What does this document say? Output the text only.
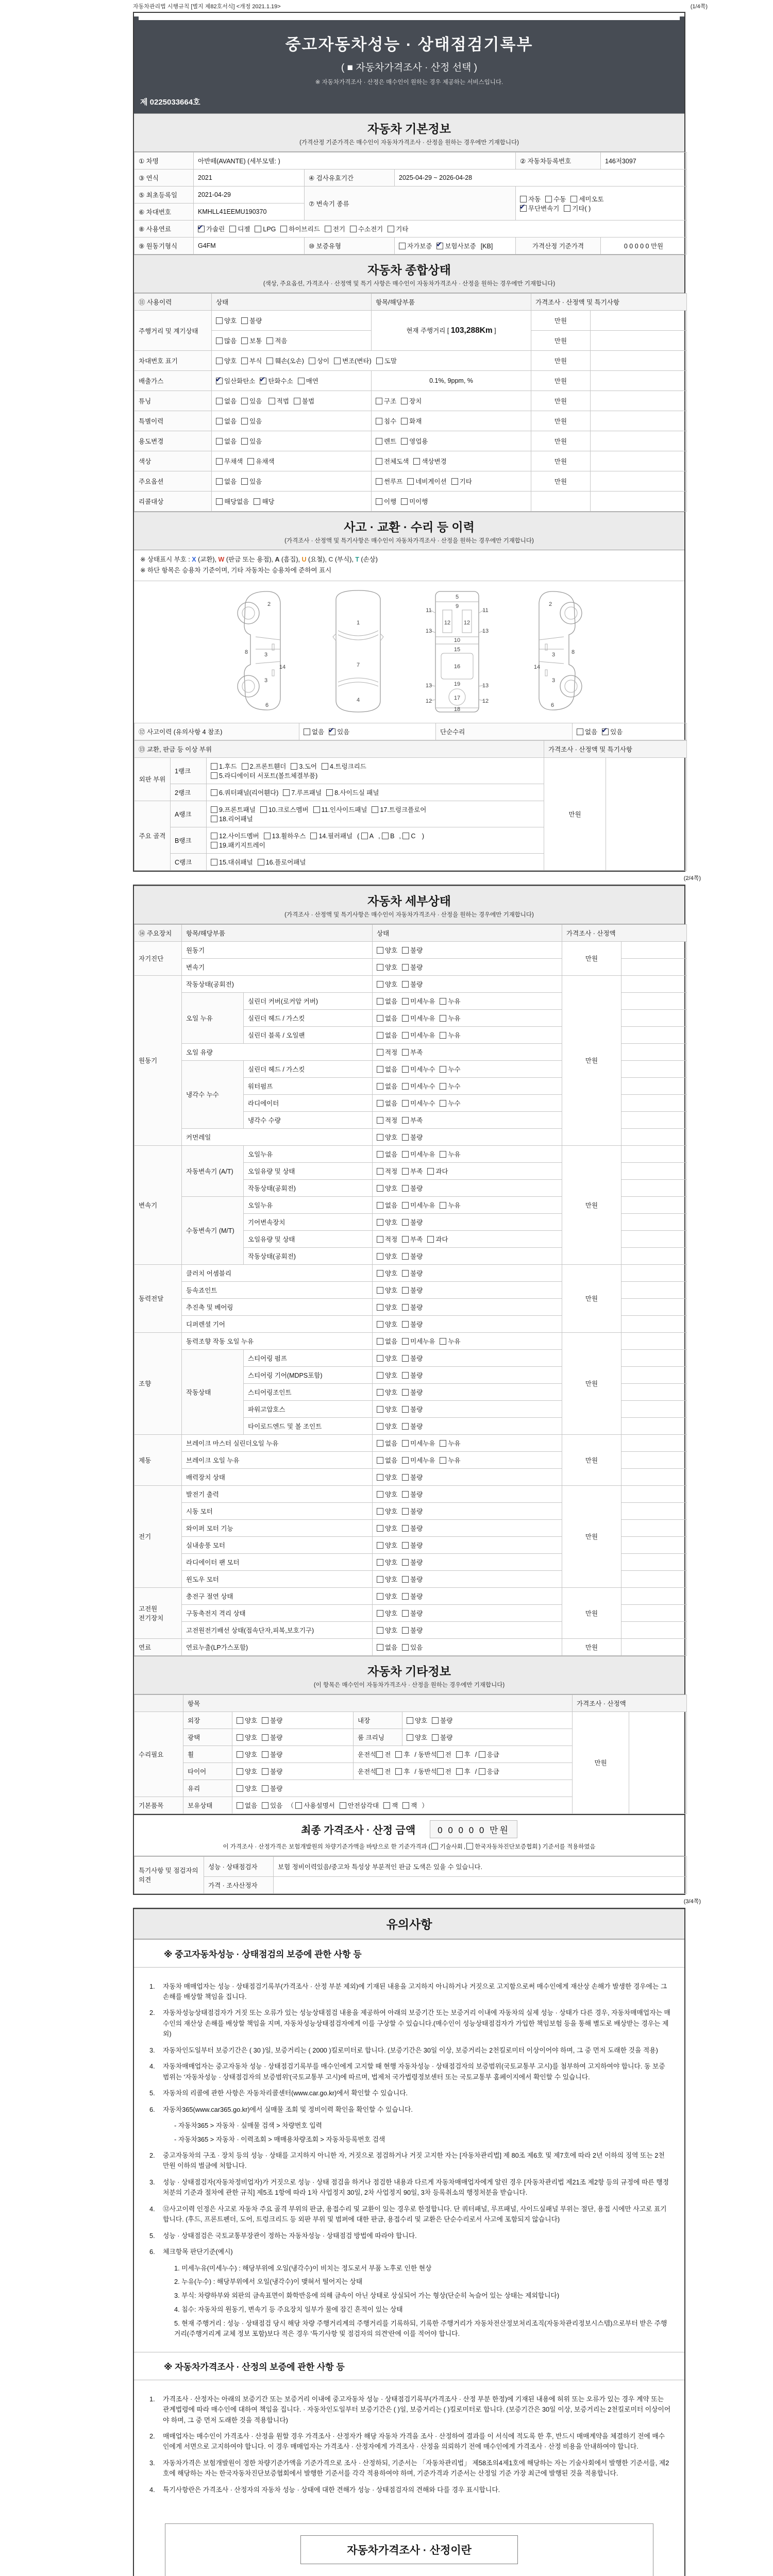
자동차관리법 시행규칙 [별지 제82호서식] <개정 2021.1.19>	(1/4쪽)
중고자동차성능 · 상태점검기록부
( ■ 자동차가격조사 · 산정 선택 )
※ 자동차가격조사 · 산정은 매수인이 원하는 경우 제공하는 서비스입니다.
제 0225033664호
자동차 기본정보
(가격산정 기준가격은 매수인이 자동차가격조사 · 산정을 원하는 경우에만 기재합니다)
① 차명	아반떼(AVANTE) (세부모델: )			② 자동차등록번호	146저3097
③ 연식	2021	④ 검사유효기간	2025-04-29 ~ 2026-04-28		
⑤ 최초등록일	2021-04-29	⑦ 변속기 종류		자동 수동 세미오토
✔무단변속기 기타( )
⑥ 차대번호	KMHLL41EEMU190370				
⑧ 사용연료	✔가솔린 디젤 LPG 하이브리드 전기 수소전기 기타
⑨ 원동기형식	G4FM	⑩ 보증유형	자가보증 ✔ 보험사보증 [KB]	가격산정 기준가격	0 0 0 0 0 만원
자동차 종합상태
(색상, 주요옵션, 가격조사 · 산정액 및 특기 사항은 매수인이 자동차가격조사 · 산정을 원하는 경우에만 기재합니다)
⑪ 사용이력	상태	항목/해당부품	가격조사 · 산정액 및 특기사항	
주행거리 및 계기상태	양호 불량	현재 주행거리 [ 103,288Km ]	만원	
	많음 보통 적음		만원	
차대번호 표기	양호 부식 훼손(오손) 상이 변조(변타) 도말		만원	
배출가스	✔일산화탄소 ✔ 탄화수소 매연	0.1%, 9ppm, %	만원	
튜닝	없음 있음 적법 불법	구조 장치	만원	
특별이력	없음 있음	침수 화재	만원	
용도변경	없음 있음	렌트 영업용	만원	
색상	무채색 유채색	전체도색 색상변경	만원	
주요옵션	없음 있음	썬루프 네비게이션 기타	만원	
리콜대상	해당없음 해당	이행 미이행		
사고 · 교환 · 수리 등 이력
(가격조사 · 산정액 및 특기사항은 매수인이 자동차가격조사 · 산정을 원하는 경우에만 기재합니다)
※ 상태표시 부호 : X (교환), W (판금 또는 용접), A (흠집), U (요철), C (부식), T (손상)
※ 하단 항목은 승용차 기준이며, 기타 자동차는 승용차에 준하여 표시
2
8	3
14
3
6
1
7
4
5
9
12 12
11	11
13	13
10
15
16
19
13	13
12	12
17
18
2
8
3
14
3
6
⑫ 사고이력 (유의사항 4 참조)	없음 ✔ 있음	단순수리	없음 ✔ 있음
⑬ 교환, 판금 등 이상 부위			가격조사 · 산정액 및 특기사항	
외판 부위	1랭크	1.후드 2.프론트휀더 3.도어 4.트렁크리드
5.라디에이터 서포트(볼트체결부품)	만원	
	2랭크	6.쿼터패널(리어휀다) 7.루프패널 8.사이드실 패널		
주요 골격	A랭크	9.프론트패널 10.크로스멤버 11.인사이드패널 17.트렁크플로어
18.리어패널		
	B랭크	12.사이드멤버 13.휠하우스 14.필러패널 ( A , B , C )
19.패키지트레이		
	C랭크	15.대쉬패널 16.플로어패널		
(2/4쪽)
자동차 세부상태
(가격조사 · 산정액 및 특기사항은 매수인이 자동차가격조사 · 산정을 원하는 경우에만 기재합니다)
⑭ 주요장치	항목/해당부품		상태	가격조사 · 산정액	
자기진단	원동기		양호 불량	만원	
	변속기		양호 불량		
원동기	작동상태(공회전)		양호 불량	만원	
	오일 누유	실린더 커버(로커암 커버)	없음 미세누유 누유		
		실린더 헤드 / 가스킷	없음 미세누유 누유		
		실린더 블록 / 오일팬	없음 미세누유 누유		
	오일 유량		적정 부족		
	냉각수 누수	실린더 헤드 / 가스킷	없음 미세누수 누수		
		워터펌프	없음 미세누수 누수		
		라디에이터	없음 미세누수 누수		
		냉각수 수량	적정 부족		
	커먼레일		양호 불량		
변속기	자동변속기 (A/T)	오일누유	없음 미세누유 누유	만원	
		오일유량 및 상태	적정 부족 과다		
		작동상태(공회전)	양호 불량		
	수동변속기 (M/T)	오일누유	없음 미세누유 누유		
		기어변속장치	양호 불량		
		오일유량 및 상태	적정 부족 과다		
		작동상태(공회전)	양호 불량		
동력전달	클러치 어셈블리		양호 불량	만원	
	등속죠인트		양호 불량		
	추진축 및 베어링		양호 불량		
	디퍼렌셜 기어		양호 불량		
조향	동력조향 작동 오일 누유		없음 미세누유 누유	만원	
	작동상태	스티어링 펌프	양호 불량		
		스티어링 기어(MDPS포함)	양호 불량		
		스티어링조인트	양호 불량		
		파워고압호스	양호 불량		
		타이로드엔드 및 볼 조인트	양호 불량		
제동	브레이크 마스터 실린더오일 누유		없음 미세누유 누유	만원	
	브레이크 오일 누유		없음 미세누유 누유		
	배력장치 상태		양호 불량		
전기	발전기 출력		양호 불량	만원	
	시동 모터		양호 불량		
	와이퍼 모터 기능		양호 불량		
	실내송풍 모터		양호 불량		
	라디에이터 팬 모터		양호 불량		
	윈도우 모터		양호 불량		
고전원 전기장치	충전구 절연 상태		양호 불량	만원	
	구동축전지 격리 상태		양호 불량		
	고전원전기배선 상태(접속단자,피복,보호기구)		양호 불량		
연료	연료누출(LP가스포함)		없음 있음	만원	
자동차 기타정보
(이 항목은 매수인이 자동차가격조사 · 산정을 원하는 경우에만 기재합니다)
	항목				가격조사 · 산정액	
수리필요	외장	양호 불량	내장	양호 불량	만원	
	광택	양호 불량	룸 크리닝	양호 불량		
	휠	양호 불량	운전석 전 후 / 동반석 전 후 / 응급			
	타이어	양호 불량	운전석 전 후 / 동반석 전 후 / 응급			
	유리	양호 불량				
기본품목	보유상태	없음 있음 （ 사용설명서 안전삼각대 잭 잭 ）				
최종 가격조사 · 산정 금액	0 0 0 0 0 만원
이 가격조사 · 산정가격은 보험개발원의 차량기준가액을 바탕으로 한 기준가격과 ( 기술사회 , 한국자동차진단보증협회 ) 기준서를 적용하였음
특기사항 및 점검자의 의견	성능 · 상태점검자	보험 정비이력있음/중고차 특성상 부분적인 판금 도색은 있을 수 있습니다.
	가격 · 조사산정자	
(3/4쪽)
유의사항
※ 중고자동차성능 · 상태점검의 보증에 관한 사항 등
1.	자동차 매매업자는 성능 · 상태점검기록부(가격조사 · 산정 부분 제외)에 기재된 내용을 고지하지 아니하거나 거짓으로 고지함으로써 매수인에게 재산상 손해가 발생한 경우에는 그 손해를 배상할 책임을 집니다.
2.	자동차성능상태점검자가 거짓 또는 오류가 있는 성능상태점검 내용을 제공하여 아래의 보증기간 또는 보증거리 이내에 자동차의 실제 성능 · 상태가 다른 경우, 자동차매매업자는 매수인의 재산상 손해를 배상할 책임을 지며, 자동차성능상태점검자에게 이를 구상할 수 있습니다.(매수인이 성능상태점검자가 가입한 책임보험 등을 통해 별도로 배상받는 경우는 제외)
3.	자동차인도일부터 보증기간은 ( 30 )일, 보증거리는 ( 2000 )킬로미터로 합니다. (보증기간은 30일 이상, 보증거리는 2천킬로미터 이상이어야 하며, 그 중 먼저 도래한 것을 적용)
4.	자동차매매업자는 중고자동차 성능 · 상태점검기록부를 매수인에게 고지할 때 현행 자동차성능 · 상태점검자의 보증범위(국토교통부 고시)를 첨부하여 고지하여야 합니다. 동 보증범위는 '자동차성능 · 상태점검자의 보증범위'(국토교통부 고시)에 따르며, 법제처 국가법령정보센터 또는 국토교통부 홈페이지에서 확인할 수 있습니다.
5.	자동차의 리콜에 관한 사항은 자동차리콜센터(www.car.go.kr)에서 확인할 수 있습니다.
6.	자동차365(www.car365.go.kr)에서 실매물 조회 및 정비이력 확인을 확인할 수 있습니다.
- 자동차365 > 자동차 · 실매물 검색 > 차량번호 입력
- 자동차365 > 자동차 · 이력조회 > 매매용차량조회 > 자동차등록번호 검색
2.	중고자동차의 구조 · 장치 등의 성능 · 상태를 고지하지 아니한 자, 거짓으로 점검하거나 거짓 고지한 자는 [자동차관리법] 제 80조 제6호 및 제7호에 따라 2년 이하의 징역 또는 2천만원 이하의 벌금에 처합니다.
3.	성능 · 상태점검자(자동차정비업자)가 거짓으로 성능 · 상태 점검을 하거나 점검한 내용과 다르게 자동차매매업자에게 알린 경우 [자동차관리법 제21조 제2항 등의 규정에 따른 행정처분의 기준과 절차에 관한 규칙] 제5조 1항에 따라 1차 사업정지 30일, 2차 사업정지 90일, 3차 등록취소의 행정처분을 받습니다.
4.	⑫사고이력 인정은 사고로 자동차 주요 골격 부위의 판금, 용접수리 및 교환이 있는 경우로 한정합니다. 단 쿼터패널, 루프패널, 사이드실패널 부위는 절단, 용접 시에만 사고로 표기합니다. (후드, 프론트펜더, 도어, 트렁크리드 등 외판 부위 및 범퍼에 대한 판금, 용접수리 및 교환은 단순수리로서 사고에 포함되지 않습니다)
5.	성능 · 상태점검은 국토교통부장관이 정하는 자동차성능 · 상태점검 방법에 따라야 합니다.
6.	체크항목 판단기준(예시)
1. 미세누유(미세누수) : 해당부위에 오일(냉각수)이 비치는 정도로서 부품 노후로 인한 현상
2. 누유(누수) : 해당부위에서 오일(냉각수)이 맺혀서 떨어지는 상태
3. 부식: 차량하부와 외판의 금속표면이 화학반응에 의해 금속이 아닌 상태로 상실되어 가는 형상(단순히 녹슬어 있는 상태는 제외합니다)
4. 침수: 자동차의 원동기, 변속기 등 주요장치 일부가 물에 잠긴 흔적이 있는 상태
5. 현재 주행거리 : 성능 · 상태점검 당시 해당 차량 주행거리계의 주행거리를 기록하되, 기록한 주행거리가 자동차전산정보처리조직(자동차관리정보시스템)으로부터 받은 주행거리(주행거리계 교체 정보 포함)보다 적은 경우 '특기사항 및 점검자의 의견'란에 이를 적어야 합니다.
※ 자동차가격조사 · 산정의 보증에 관한 사항 등
1.	가격조사 · 산정자는 아래의 보증기간 또는 보증거리 이내에 중고자동차 성능 · 상태점검기록부(가격조사 · 산정 부분 한정)에 기재된 내용에 허위 또는 오류가 있는 경우 계약 또는 관계법령에 따라 매수인에 대하여 책임을 집니다. · 자동차인도일부터 보증기간은 ( )일, 보증거리는 ( )킬로미터로 합니다. (보증기간은 30일 이상, 보증거리는 2천킬로미터 이상이어야 하며, 그 중 먼저 도래한 것을 적용합니다)
2.	매매업자는 매수인이 가격조사 · 산정을 원할 경우 가격조사 · 산정자가 해당 자동차 가격을 조사 · 산정하여 결과를 이 서식에 적도록 한 후, 반드시 매매계약을 체결하기 전에 매수인에게 서면으로 고지하여야 합니다. 이 경우 매매업자는 가격조사 · 산정자에게 가격조사 · 산정을 의뢰하기 전에 매수인에게 가격조사 · 산정 비용을 안내하여야 합니다.
3.	자동차가격은 보험개발원이 정한 차량기준가액을 기준가격으로 조사 · 산정하되, 기준서는 「자동차관리법」 제58조의4제1호에 해당하는 자는 기술사회에서 발행한 기준서를, 제2호에 해당하는 자는 한국자동차진단보증협회에서 발행한 기준서를 각각 적용하여야 하며, 기준가격과 기준서는 산정일 기준 가장 최근에 발행된 것을 적용합니다.
4.	특기사항란은 가격조사 · 산정자의 자동차 성능 · 상태에 대한 견해가 성능 · 상태점검자의 견해와 다를 경우 표시합니다.
자동차가격조사 · 산정이란
